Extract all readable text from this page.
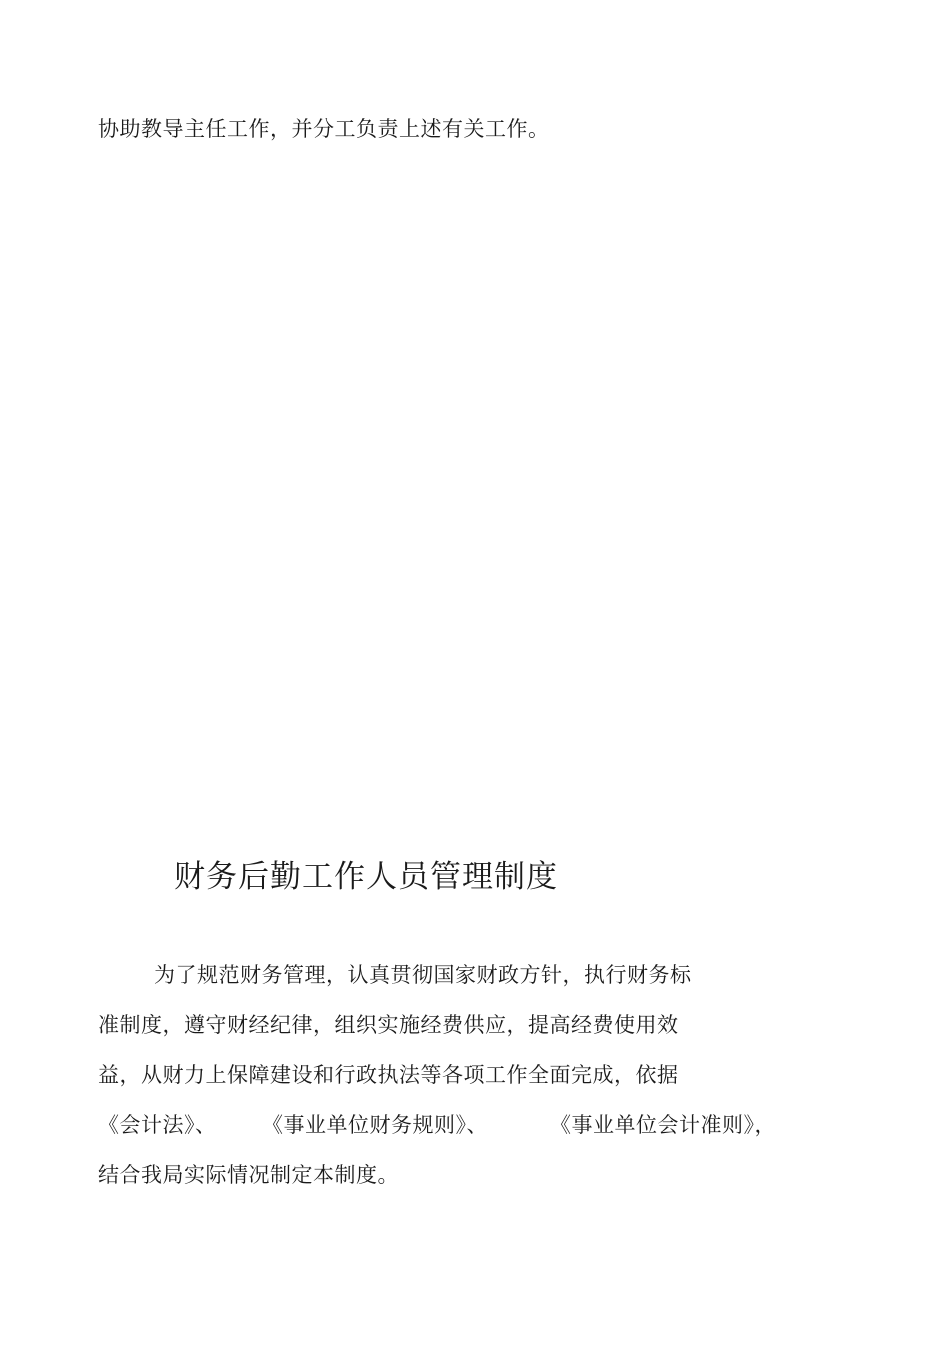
协助教导主任工作，并分工负责上述有关工作。
财务后勤工作人员管理制度
为了规范财务管理，认真贯彻国家财政方针，执行财务标
准制度，遵守财经纪律，组织实施经费供应，提高经费使用效
益，从财力上保障建设和行政执法等各项工作全面完成，依据
《会计法》、 《事业单位财务规则》、	《事业单位会计准则》，
结合我局实际情况制定本制度。
